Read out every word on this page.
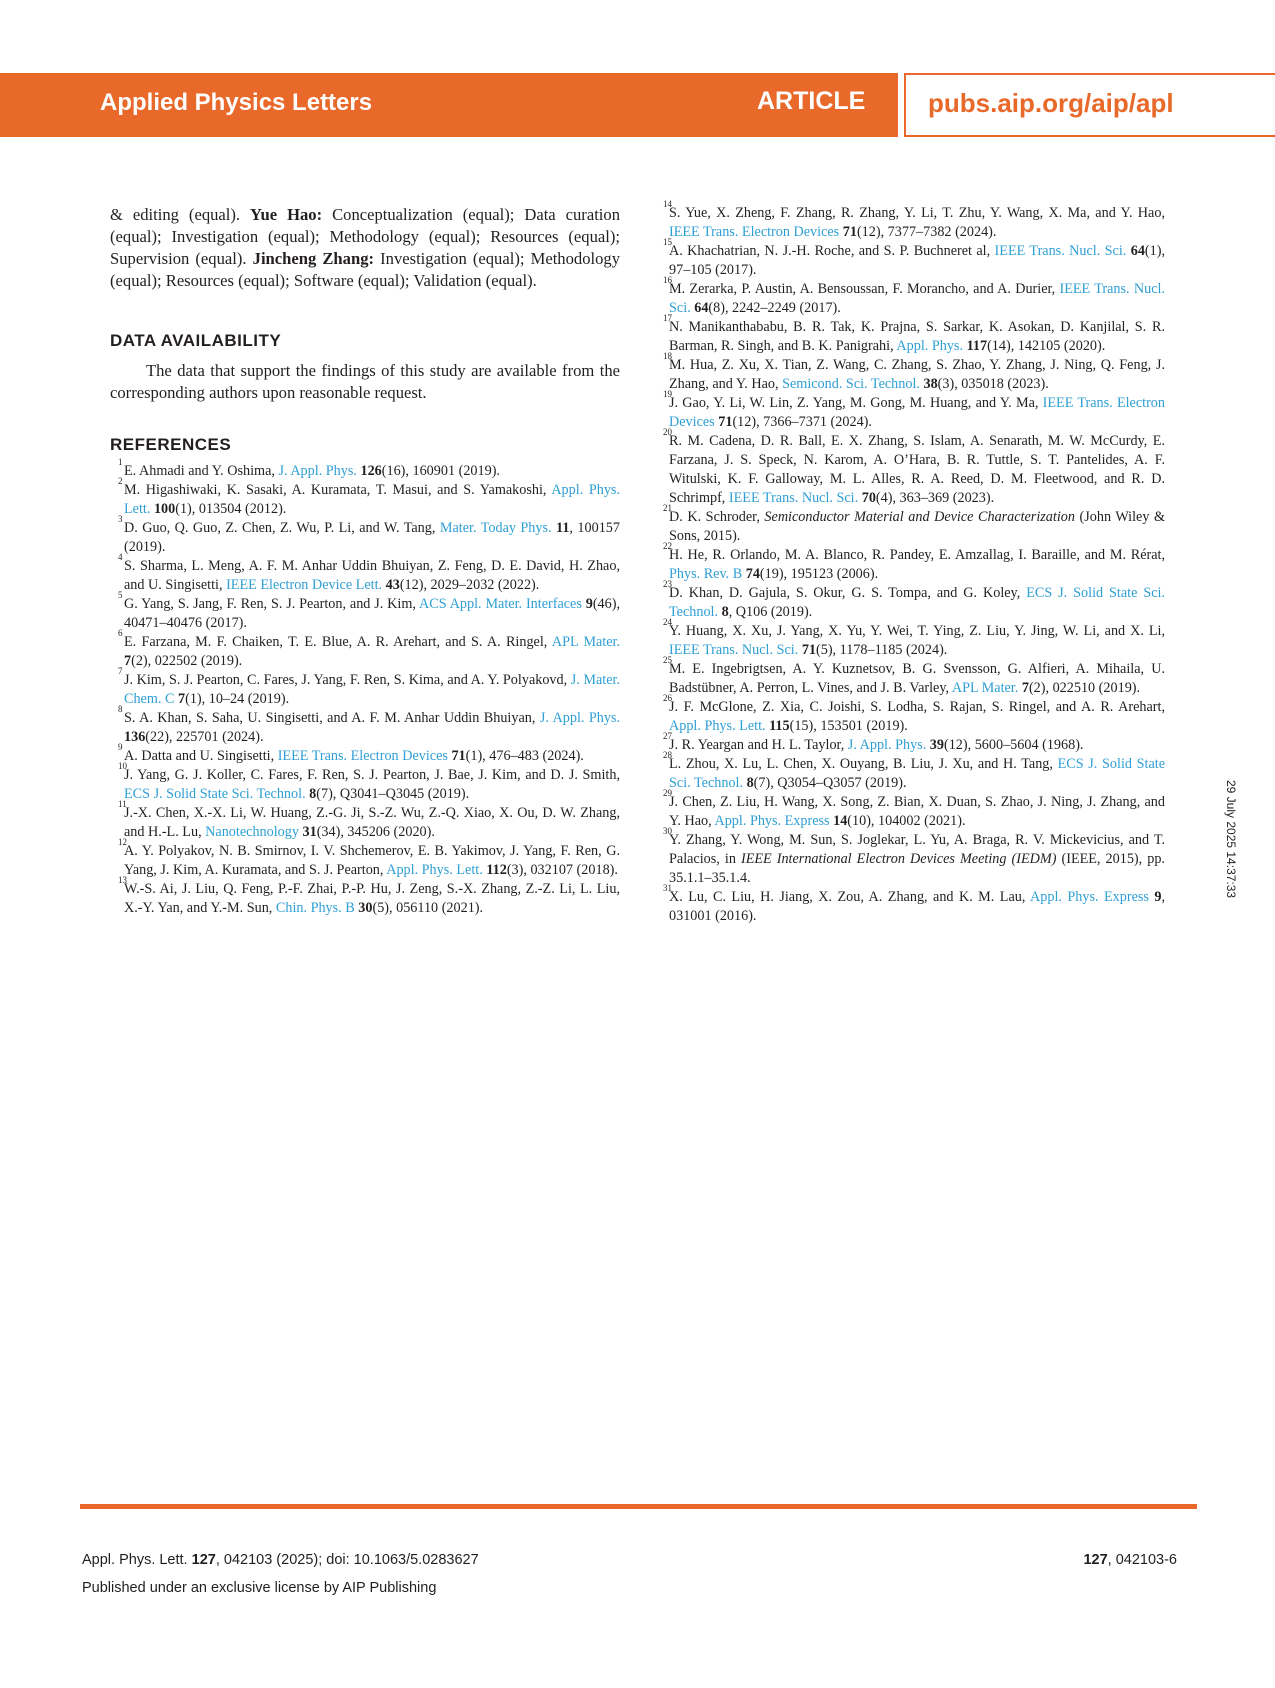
Applied Physics Letters	ARTICLE pubs.aip.org/aip/apl

& editing (equal). Yue Hao: Conceptualization (equal); Data curation (equal); Investigation (equal); Methodology (equal); Resources (equal); Supervision (equal). Jincheng Zhang: Investigation (equal); Methodology (equal); Resources (equal); Software (equal); Validation (equal).

DATA AVAILABILITY

The data that support the findings of this study are available from the corresponding authors upon reasonable request.

REFERENCES
1
E. Ahmadi and Y. Oshima, J. Appl. Phys. 126(16), 160901 (2019).
2
M. Higashiwaki, K. Sasaki, A. Kuramata, T. Masui, and S. Yamakoshi, Appl. Phys. Lett. 100(1), 013504 (2012).
3
D. Guo, Q. Guo, Z. Chen, Z. Wu, P. Li, and W. Tang, Mater. Today Phys. 11, 100157 (2019).
4
S. Sharma, L. Meng, A. F. M. Anhar Uddin Bhuiyan, Z. Feng, D. E. David, H. Zhao, and U. Singisetti, IEEE Electron Device Lett. 43(12), 2029–2032 (2022).
5
G. Yang, S. Jang, F. Ren, S. J. Pearton, and J. Kim, ACS Appl. Mater. Interfaces 9(46), 40471–40476 (2017).
6
E. Farzana, M. F. Chaiken, T. E. Blue, A. R. Arehart, and S. A. Ringel, APL Mater. 7(2), 022502 (2019).
7
J. Kim, S. J. Pearton, C. Fares, J. Yang, F. Ren, S. Kima, and A. Y. Polyakovd, J. Mater. Chem. C 7(1), 10–24 (2019).
8
S. A. Khan, S. Saha, U. Singisetti, and A. F. M. Anhar Uddin Bhuiyan, J. Appl. Phys. 136(22), 225701 (2024).
9
A. Datta and U. Singisetti, IEEE Trans. Electron Devices 71(1), 476–483 (2024).
10
J. Yang, G. J. Koller, C. Fares, F. Ren, S. J. Pearton, J. Bae, J. Kim, and D. J. Smith, ECS J. Solid State Sci. Technol. 8(7), Q3041–Q3045 (2019).
11
J.-X. Chen, X.-X. Li, W. Huang, Z.-G. Ji, S.-Z. Wu, Z.-Q. Xiao, X. Ou, D. W. Zhang, and H.-L. Lu, Nanotechnology 31(34), 345206 (2020).
12
A. Y. Polyakov, N. B. Smirnov, I. V. Shchemerov, E. B. Yakimov, J. Yang, F. Ren, G. Yang, J. Kim, A. Kuramata, and S. J. Pearton, Appl. Phys. Lett. 112(3), 032107 (2018).
13
W.-S. Ai, J. Liu, Q. Feng, P.-F. Zhai, P.-P. Hu, J. Zeng, S.-X. Zhang, Z.-Z. Li, L. Liu, X.-Y. Yan, and Y.-M. Sun, Chin. Phys. B 30(5), 056110 (2021).
14
S. Yue, X. Zheng, F. Zhang, R. Zhang, Y. Li, T. Zhu, Y. Wang, X. Ma, and Y. Hao, IEEE Trans. Electron Devices 71(12), 7377–7382 (2024).
15
A. Khachatrian, N. J.-H. Roche, and S. P. Buchneret al, IEEE Trans. Nucl. Sci. 64(1), 97–105 (2017).
16
M. Zerarka, P. Austin, A. Bensoussan, F. Morancho, and A. Durier, IEEE Trans. Nucl. Sci. 64(8), 2242–2249 (2017).
17
N. Manikanthababu, B. R. Tak, K. Prajna, S. Sarkar, K. Asokan, D. Kanjilal, S. R. Barman, R. Singh, and B. K. Panigrahi, Appl. Phys. 117(14), 142105 (2020).
18
M. Hua, Z. Xu, X. Tian, Z. Wang, C. Zhang, S. Zhao, Y. Zhang, J. Ning, Q. Feng, J. Zhang, and Y. Hao, Semicond. Sci. Technol. 38(3), 035018 (2023).
19
J. Gao, Y. Li, W. Lin, Z. Yang, M. Gong, M. Huang, and Y. Ma, IEEE Trans. Electron Devices 71(12), 7366–7371 (2024).
20
R. M. Cadena, D. R. Ball, E. X. Zhang, S. Islam, A. Senarath, M. W. McCurdy, E. Farzana, J. S. Speck, N. Karom, A. O’Hara, B. R. Tuttle, S. T. Pantelides, A. F. Witulski, K. F. Galloway, M. L. Alles, R. A. Reed, D. M. Fleetwood, and R. D. Schrimpf, IEEE Trans. Nucl. Sci. 70(4), 363–369 (2023).
21
D. K. Schroder, Semiconductor Material and Device Characterization (John Wiley & Sons, 2015).
22
H. He, R. Orlando, M. A. Blanco, R. Pandey, E. Amzallag, I. Baraille, and M. Rérat, Phys. Rev. B 74(19), 195123 (2006).
23
D. Khan, D. Gajula, S. Okur, G. S. Tompa, and G. Koley, ECS J. Solid State Sci. Technol. 8, Q106 (2019).
24
Y. Huang, X. Xu, J. Yang, X. Yu, Y. Wei, T. Ying, Z. Liu, Y. Jing, W. Li, and X. Li, IEEE Trans. Nucl. Sci. 71(5), 1178–1185 (2024).
25
M. E. Ingebrigtsen, A. Y. Kuznetsov, B. G. Svensson, G. Alfieri, A. Mihaila, U. Badstübner, A. Perron, L. Vines, and J. B. Varley, APL Mater. 7(2), 022510 (2019).
26
J. F. McGlone, Z. Xia, C. Joishi, S. Lodha, S. Rajan, S. Ringel, and A. R. Arehart, Appl. Phys. Lett. 115(15), 153501 (2019).
27
J. R. Yeargan and H. L. Taylor, J. Appl. Phys. 39(12), 5600–5604 (1968).
28
L. Zhou, X. Lu, L. Chen, X. Ouyang, B. Liu, J. Xu, and H. Tang, ECS J. Solid State Sci. Technol. 8(7), Q3054–Q3057 (2019).
29
J. Chen, Z. Liu, H. Wang, X. Song, Z. Bian, X. Duan, S. Zhao, J. Ning, J. Zhang, and Y. Hao, Appl. Phys. Express 14(10), 104002 (2021).
30
Y. Zhang, Y. Wong, M. Sun, S. Joglekar, L. Yu, A. Braga, R. V. Mickevicius, and T. Palacios, in IEEE International Electron Devices Meeting (IEDM) (IEEE, 2015), pp. 35.1.1–35.1.4.
31
X. Lu, C. Liu, H. Jiang, X. Zou, A. Zhang, and K. M. Lau, Appl. Phys. Express 9, 031001 (2016).
29 July 2025 14:37:33
Appl. Phys. Lett. 127, 042103 (2025); doi: 10.1063/5.0283627	127, 042103-6
Published under an exclusive license by AIP Publishing
